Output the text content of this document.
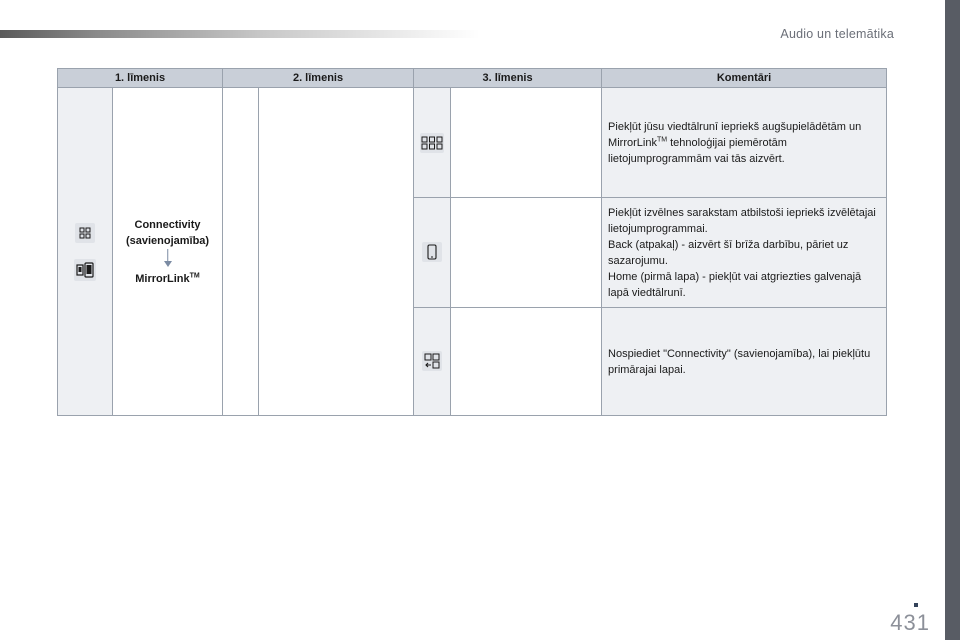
Audio un telemātika
1. līmenis		2. līmenis		3. līmenis		Komentāri

Connectivity
(savienojamība)
MirrorLink™					Piekļūt jūsu viedtālrunī iepriekš augšupielādētām un MirrorLink™ tehnoloģijai piemērotām lietojumprogrammām vai tās aizvērt.

Piekļūt izvēlnes sarakstam atbilstoši iepriekš izvēlētajai lietojumprogrammai.
Back (atpakaļ) - aizvērt šī brīža darbību, pāriet uz sazarojumu.
Home (pirmā lapa) - piekļūt vai atgriezties galvenajā lapā viedtālrunī.

Nospiediet "Connectivity" (savienojamība), lai piekļūtu primārajai lapai.
431
